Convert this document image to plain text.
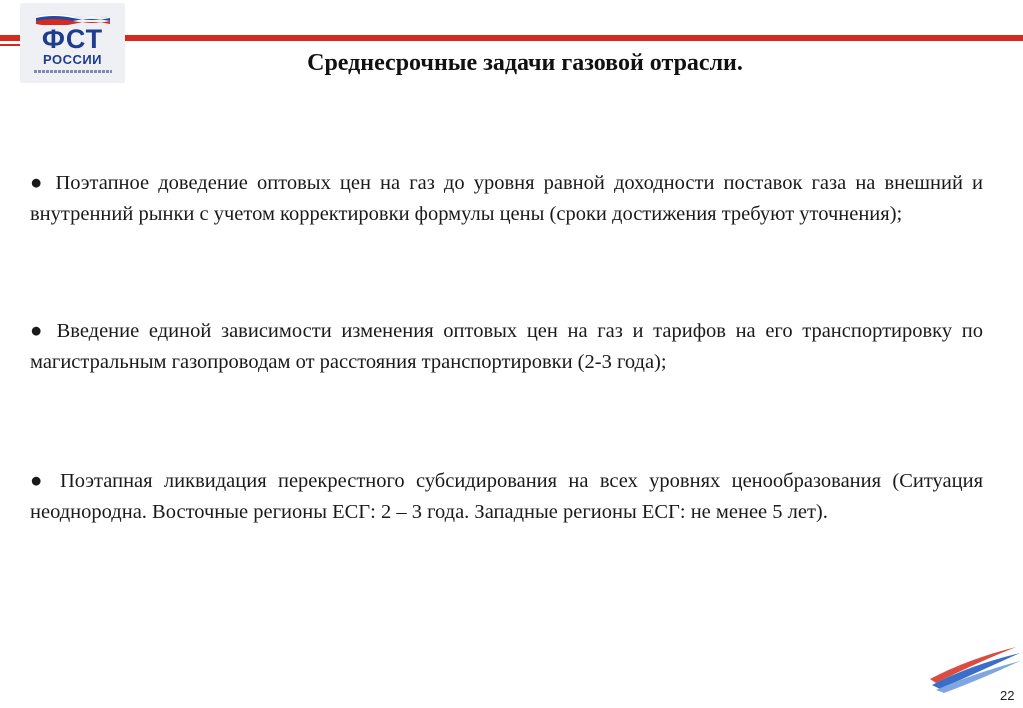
ФСТ
РОССИИ	Среднесрочные задачи газовой отрасли.

● Поэтапное доведение оптовых цен на газ до уровня равной доходности поставок газа на внешний и внутренний рынки с учетом корректировки формулы цены (сроки достижения требуют уточнения);

● Введение единой зависимости изменения оптовых цен на газ и тарифов на его транспортировку по магистральным газопроводам от расстояния транспортировки (2-3 года);

● Поэтапная ликвидация перекрестного субсидирования на всех уровнях ценообразования (Ситуация неоднородна. Восточные регионы ЕСГ: 2 – 3 года. Западные регионы ЕСГ: не менее 5 лет).

22
